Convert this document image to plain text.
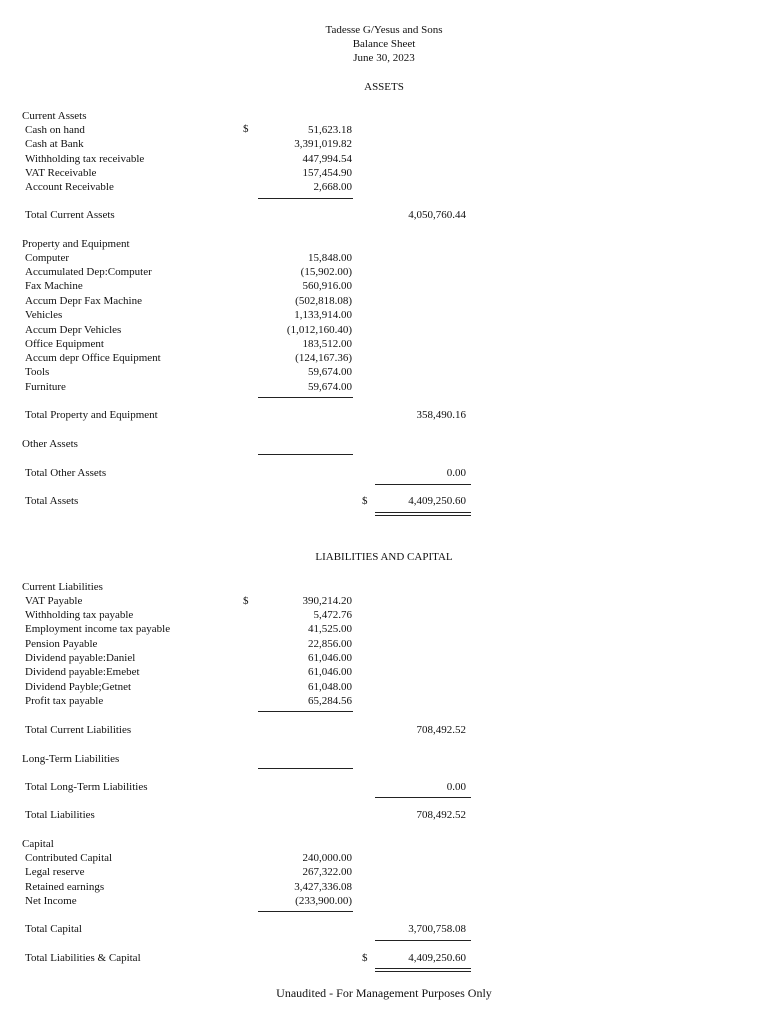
Tadesse G/Yesus and Sons
Balance Sheet
June 30, 2023
ASSETS
Current Assets
$
Cash on hand	51,623.18
Cash at Bank	3,391,019.82
Withholding tax receivable	447,994.54
VAT Receivable	157,454.90
Account Receivable	2,668.00
Total Current Assets	4,050,760.44
Property and Equipment
Computer	15,848.00
Accumulated Dep:Computer	(15,902.00)
Fax Machine	560,916.00
Accum Depr Fax Machine	(502,818.08)
Vehicles	1,133,914.00
Accum Depr Vehicles	(1,012,160.40)
Office Equipment	183,512.00
Accum depr Office Equipment	(124,167.36)
Tools	59,674.00
Furniture	59,674.00
Total Property and Equipment	358,490.16
Other Assets
Total Other Assets	0.00
Total Assets	$	4,409,250.60
LIABILITIES AND CAPITAL
Current Liabilities
$
VAT Payable	390,214.20
Withholding tax payable	5,472.76
Employment income tax payable	41,525.00
Pension Payable	22,856.00
Dividend payable:Daniel	61,046.00
Dividend payable:Emebet	61,046.00
Dividend Payble;Getnet	61,048.00
Profit tax payable	65,284.56
Total Current Liabilities	708,492.52
Long-Term Liabilities
Total Long-Term Liabilities	0.00
Total Liabilities	708,492.52
Capital
Contributed Capital	240,000.00
Legal reserve	267,322.00
Retained earnings	3,427,336.08
Net Income	(233,900.00)
Total Capital	3,700,758.08
Total Liabilities & Capital	$	4,409,250.60
Unaudited - For Management Purposes Only
